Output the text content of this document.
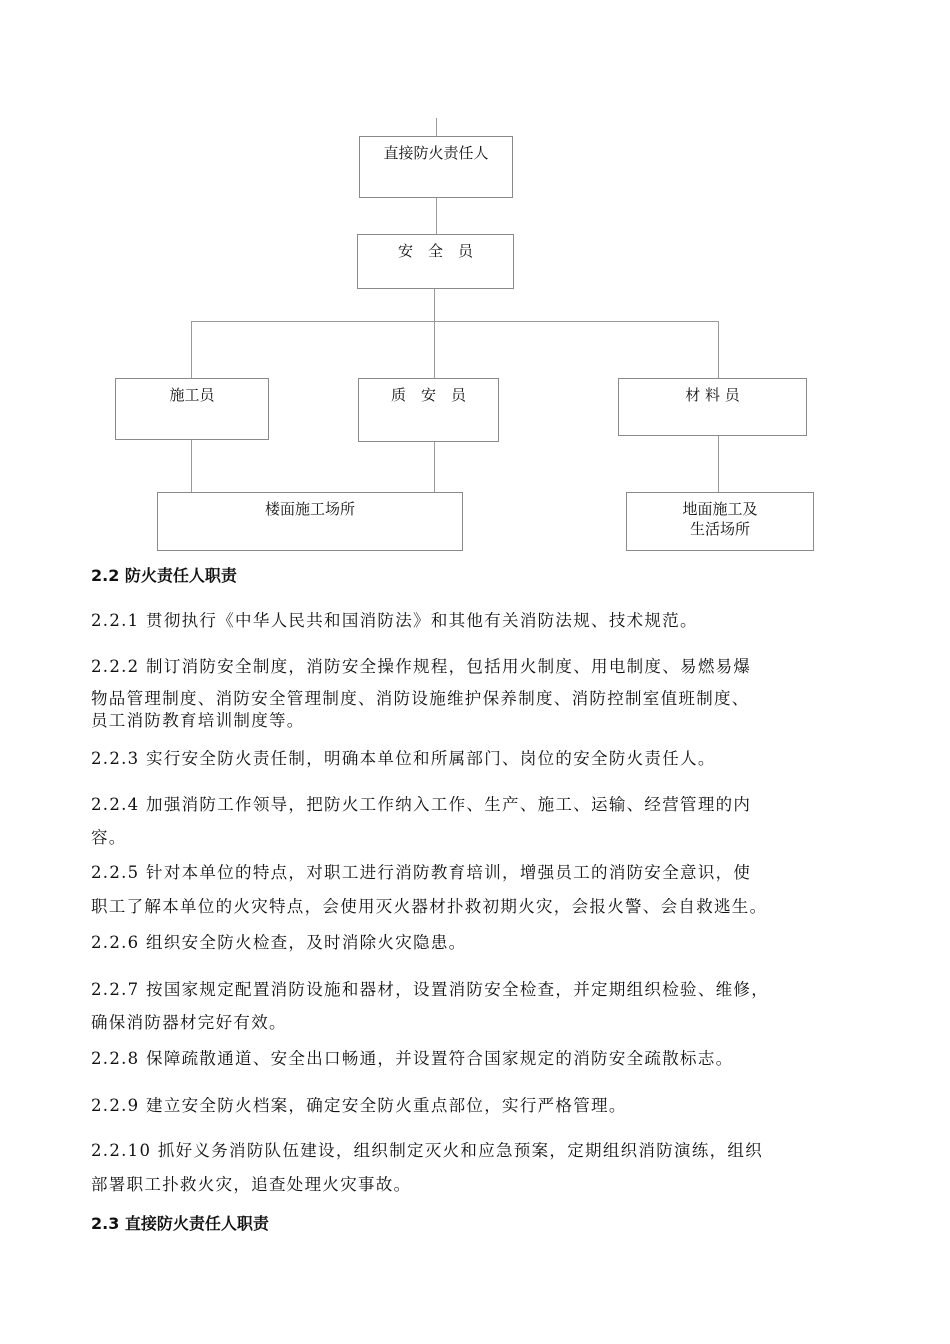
直接防火责任人
安　全　员
施工员	质　安　员	材 料 员
楼面施工场所	地面施工及
生活场所
2.2 防火责任人职责
2.2.1 贯彻执行《中华人民共和国消防法》和其他有关消防法规、技术规范。
2.2.2 制订消防安全制度，消防安全操作规程，包括用火制度、用电制度、易燃易爆
物品管理制度、消防安全管理制度、消防设施维护保养制度、消防控制室值班制度、
员工消防教育培训制度等。
2.2.3 实行安全防火责任制，明确本单位和所属部门、岗位的安全防火责任人。
2.2.4 加强消防工作领导，把防火工作纳入工作、生产、施工、运输、经营管理的内
容。
2.2.5 针对本单位的特点，对职工进行消防教育培训，增强员工的消防安全意识，使
职工了解本单位的火灾特点，会使用灭火器材扑救初期火灾，会报火警、会自救逃生。
2.2.6 组织安全防火检查，及时消除火灾隐患。
2.2.7 按国家规定配置消防设施和器材，设置消防安全检查，并定期组织检验、维修，
确保消防器材完好有效。
2.2.8 保障疏散通道、安全出口畅通，并设置符合国家规定的消防安全疏散标志。
2.2.9 建立安全防火档案，确定安全防火重点部位，实行严格管理。
2.2.10 抓好义务消防队伍建设，组织制定灭火和应急预案，定期组织消防演练，组织
部署职工扑救火灾，追查处理火灾事故。
2.3 直接防火责任人职责
